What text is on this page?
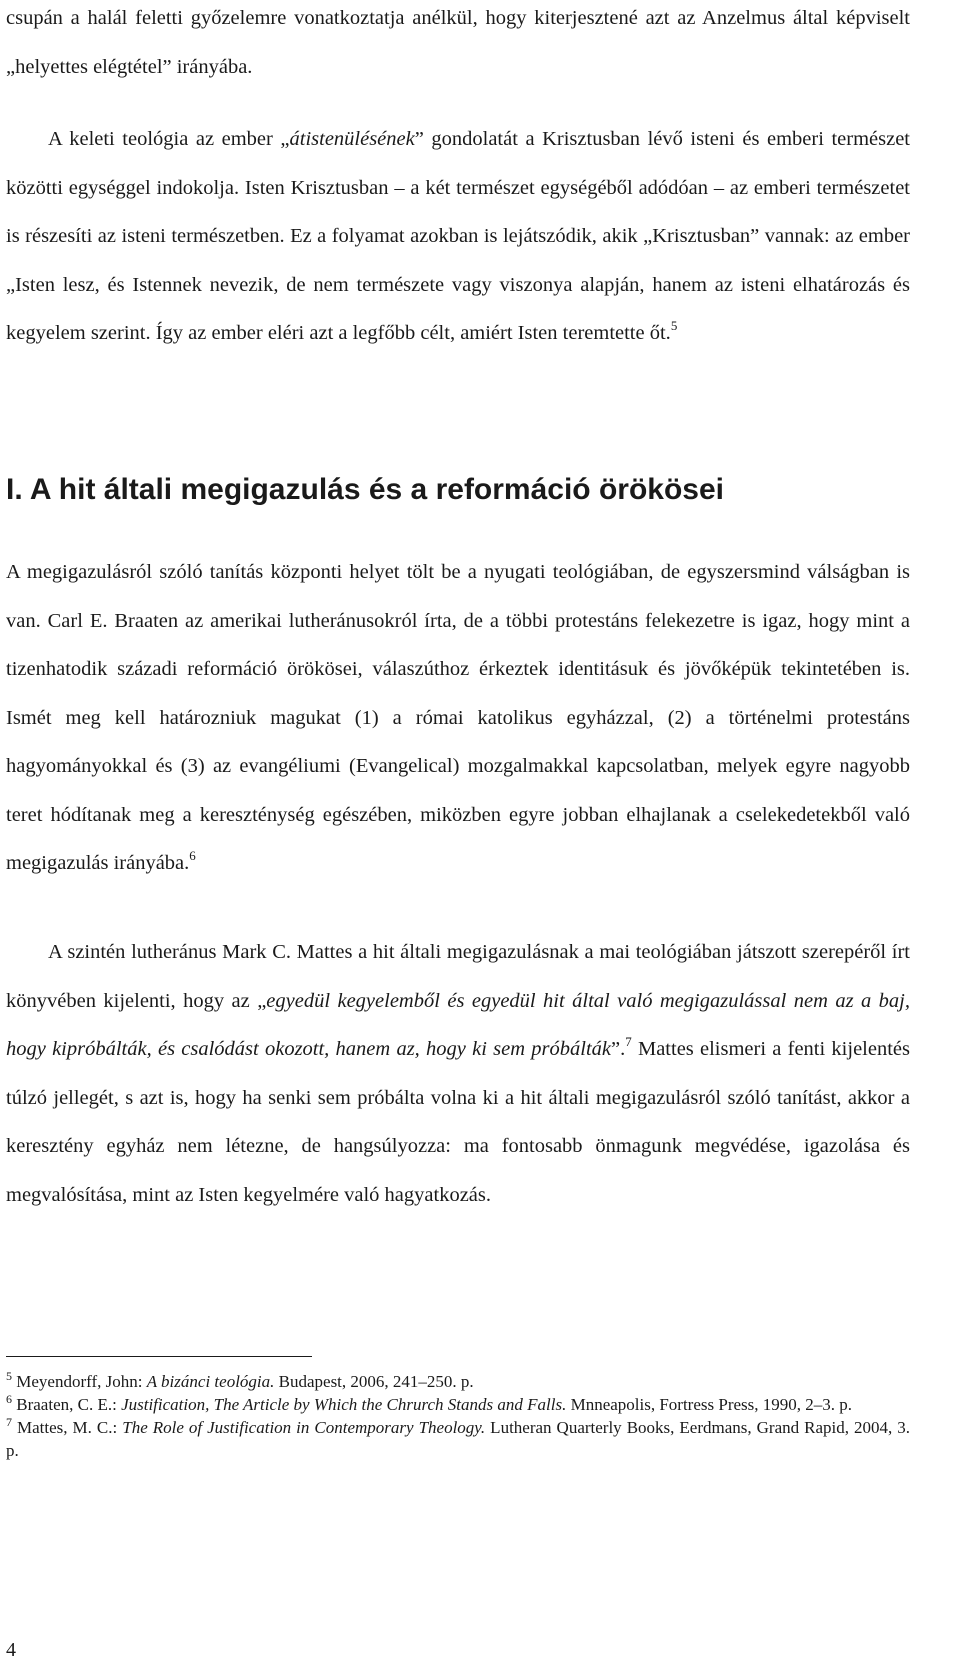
csupán a halál feletti győzelemre vonatkoztatja anélkül, hogy kiterjesztené azt az Anzelmus által képviselt „helyettes elégtétel” irányába.

A keleti teológia az ember „átistenülésének” gondolatát a Krisztusban lévő isteni és emberi természet közötti egységgel indokolja. Isten Krisztusban – a két természet egységéből adódóan – az emberi természetet is részesíti az isteni természetben. Ez a folyamat azokban is lejátszódik, akik „Krisztusban” vannak: az ember „Isten lesz, és Istennek nevezik, de nem természete vagy viszonya alapján, hanem az isteni elhatározás és kegyelem szerint. Így az ember eléri azt a legfőbb célt, amiért Isten teremtette őt.$^5$

I. A hit általi megigazulás és a reformáció örökösei

A megigazulásról szóló tanítás központi helyet tölt be a nyugati teológiában, de egyszersmind válságban is van. Carl E. Braaten az amerikai lutheránusokról írta, de a többi protestáns felekezetre is igaz, hogy mint a tizenhatodik századi reformáció örökösei, válaszúthoz érkeztek identitásuk és jövőképük tekintetében is. Ismét meg kell határozniuk magukat (1) a római katolikus egyházzal, (2) a történelmi protestáns hagyományokkal és (3) az evangéliumi (Evangelical) mozgalmakkal kapcsolatban, melyek egyre nagyobb teret hódítanak meg a kereszténység egészében, miközben egyre jobban elhajlanak a cselekedetekből való megigazulás irányába.$^6$

A szintén lutheránus Mark C. Mattes a hit általi megigazulásnak a mai teológiában játszott szerepéről írt könyvében kijelenti, hogy az „egyedül kegyelemből és egyedül hit által való megigazulással nem az a baj, hogy kipróbálták, és csalódást okozott, hanem az, hogy ki sem próbálták”.$^7$ Mattes elismeri a fenti kijelentés túlzó jellegét, s azt is, hogy ha senki sem próbálta volna ki a hit általi megigazulásról szóló tanítást, akkor a keresztény egyház nem létezne, de hangsúlyozza: ma fontosabb önmagunk megvédése, igazolása és megvalósítása, mint az Isten kegyelmére való hagyatkozás.

$^5$ Meyendorff, John: A bizánci teológia. Budapest, 2006, 241–250. p.

$^6$ Braaten, C. E.: Justification, The Article by Which the Chrurch Stands and Falls. Mnneapolis, Fortress Press, 1990, 2–3. p.

$^7$ Mattes, M. C.: The Role of Justification in Contemporary Theology. Lutheran Quarterly Books, Eerdmans, Grand Rapid, 2004, 3. p.

4
